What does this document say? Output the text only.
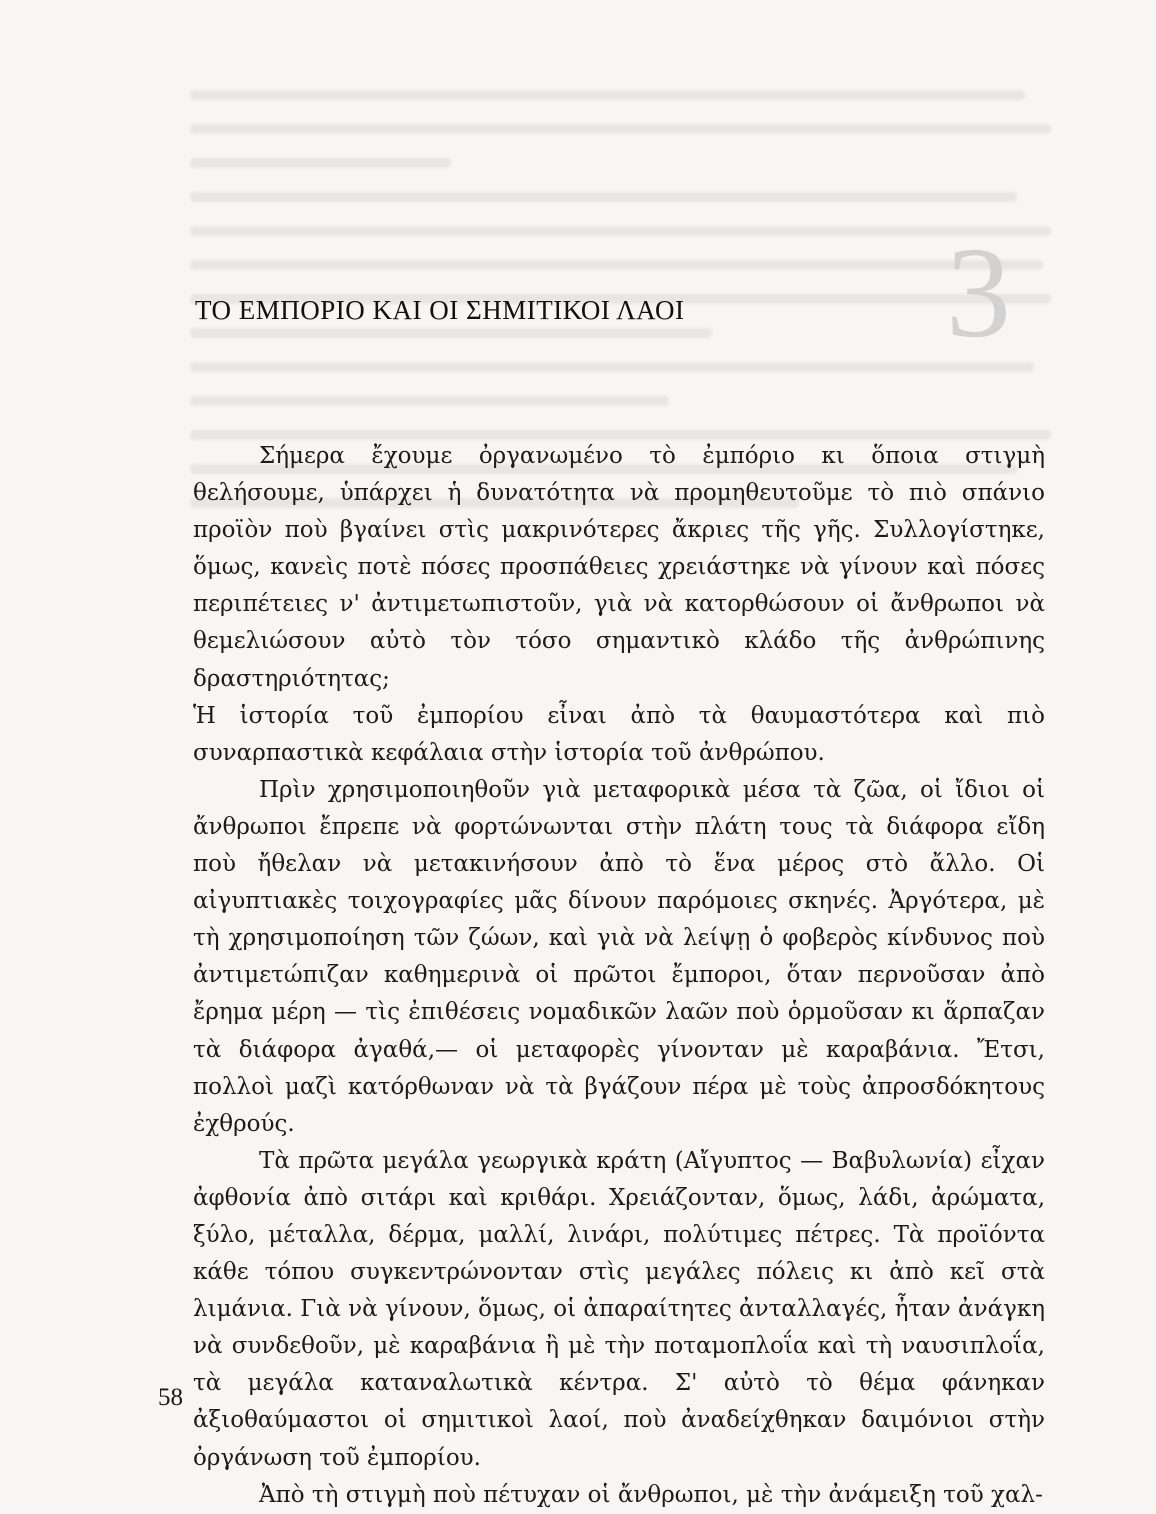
3
ΤΟ ΕΜΠΟΡΙΟ ΚΑΙ ΟΙ ΣΗΜΙΤΙΚΟΙ ΛΑΟΙ

Σήμερα ἔχουμε ὀργανωμένο τὸ ἐμπόριο κι ὅποια στιγμὴ θελήσουμε, ὑπάρχει ἡ δυνατότητα νὰ προμηθευτοῦμε τὸ πιὸ σπάνιο προϊὸν ποὺ βγαίνει στὶς μακρινότερες ἄκριες τῆς γῆς. Συλλογίστηκε, ὅμως, κανεὶς ποτὲ πόσες προσπάθειες χρειάστηκε νὰ γίνουν καὶ πόσες περιπέτειες ν' ἀντιμετωπιστοῦν, γιὰ νὰ κατορθώσουν οἱ ἄνθρωποι νὰ θεμελιώσουν αὐτὸ τὸν τόσο σημαντικὸ κλάδο τῆς ἀνθρώπινης δραστηριότητας;

Ἡ ἱστορία τοῦ ἐμπορίου εἶναι ἀπὸ τὰ θαυμαστότερα καὶ πιὸ συναρπαστικὰ κεφάλαια στὴν ἱστορία τοῦ ἀνθρώπου.

Πρὶν χρησιμοποιηθοῦν γιὰ μεταφορικὰ μέσα τὰ ζῶα, οἱ ἴδιοι οἱ ἄνθρωποι ἔπρεπε νὰ φορτώνωνται στὴν πλάτη τους τὰ διάφορα εἴδη ποὺ ἤθελαν νὰ μετακινήσουν ἀπὸ τὸ ἕνα μέρος στὸ ἄλλο. Οἱ αἰγυπτιακὲς τοιχογραφίες μᾶς δίνουν παρόμοιες σκηνές. Ἀργότερα, μὲ τὴ χρησιμοποίηση τῶν ζώων, καὶ γιὰ νὰ λείψῃ ὁ φοβερὸς κίνδυνος ποὺ ἀντιμετώπιζαν καθημερινὰ οἱ πρῶτοι ἔμποροι, ὅταν περνοῦσαν ἀπὸ ἔρημα μέρη — τὶς ἐπιθέσεις νομαδικῶν λαῶν ποὺ ὁρμοῦσαν κι ἅρπαζαν τὰ διάφορα ἀγαθά,— οἱ μεταφορὲς γίνονταν μὲ καραβάνια. Ἔτσι, πολλοὶ μαζὶ κατόρθωναν νὰ τὰ βγάζουν πέρα μὲ τοὺς ἀπροσδόκητους ἐχθρούς.

Τὰ πρῶτα μεγάλα γεωργικὰ κράτη (Αἴγυπτος — Βαβυλωνία) εἶχαν ἀφθονία ἀπὸ σιτάρι καὶ κριθάρι. Χρειάζονταν, ὅμως, λάδι, ἀρώματα, ξύλο, μέταλλα, δέρμα, μαλλί, λινάρι, πολύτιμες πέτρες. Τὰ προϊόντα κάθε τόπου συγκεντρώνονταν στὶς μεγάλες πόλεις κι ἀπὸ κεῖ στὰ λιμάνια. Γιὰ νὰ γίνουν, ὅμως, οἱ ἀπαραίτητες ἀνταλλαγές, ἦταν ἀνάγκη νὰ συνδεθοῦν, μὲ καραβάνια ἢ μὲ τὴν ποταμοπλοΐα καὶ τὴ ναυσιπλοΐα, τὰ μεγάλα καταναλωτικὰ κέντρα. Σ' αὐτὸ τὸ θέμα φάνηκαν ἀξιοθαύμαστοι οἱ σημιτικοὶ λαοί, ποὺ ἀναδείχθηκαν δαιμόνιοι στὴν ὀργάνωση τοῦ ἐμπορίου.

Ἀπὸ τὴ στιγμὴ ποὺ πέτυχαν οἱ ἄνθρωποι, μὲ τὴν ἀνάμειξη τοῦ χαλ-

58
